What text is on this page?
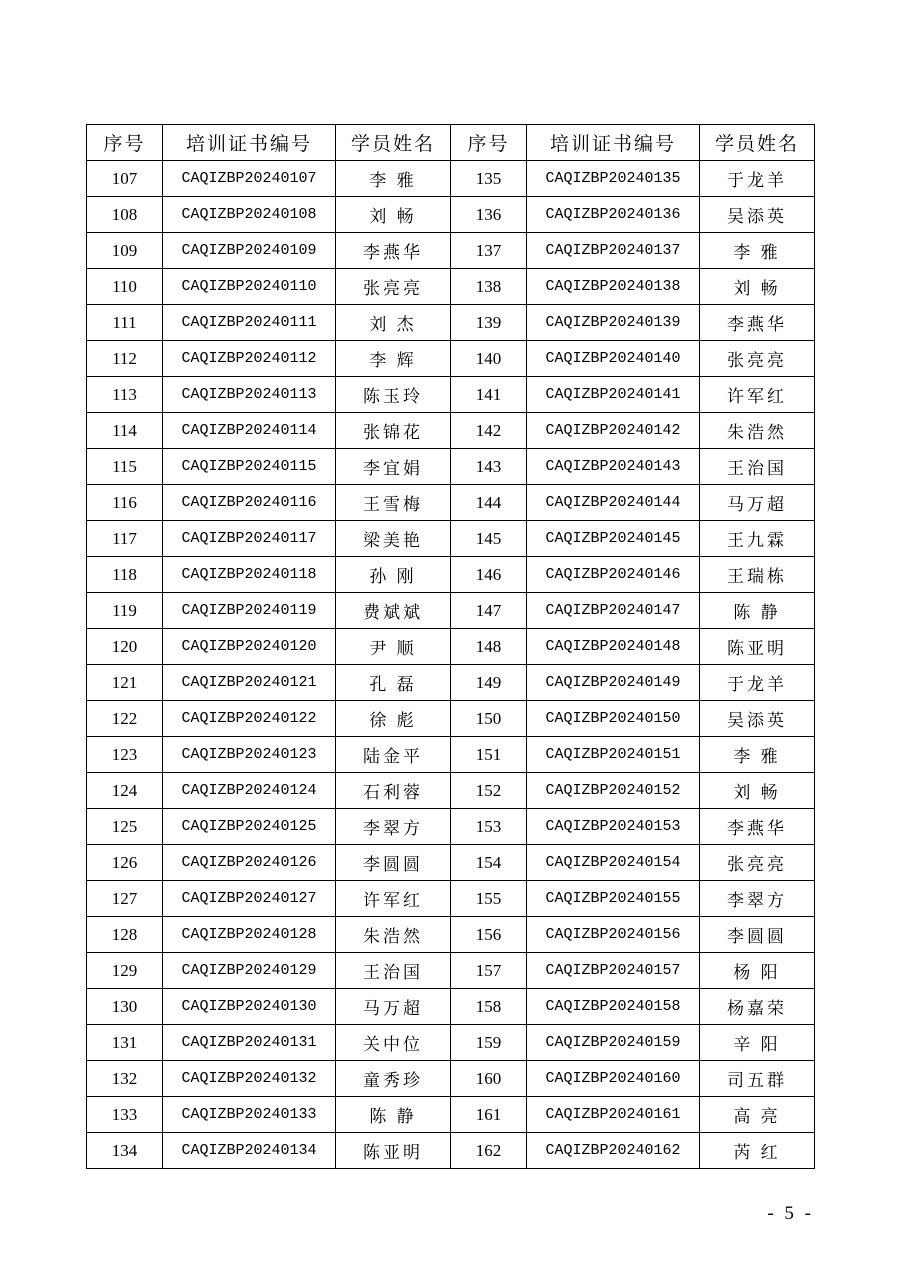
序号	培训证书编号	学员姓名	序号	培训证书编号	学员姓名
107	CAQIZBP20240107	李 雅	135	CAQIZBP20240135	于龙羊
108	CAQIZBP20240108	刘 畅	136	CAQIZBP20240136	吴添英
109	CAQIZBP20240109	李燕华	137	CAQIZBP20240137	李 雅
110	CAQIZBP20240110	张亮亮	138	CAQIZBP20240138	刘 畅
111	CAQIZBP20240111	刘 杰	139	CAQIZBP20240139	李燕华
112	CAQIZBP20240112	李 辉	140	CAQIZBP20240140	张亮亮
113	CAQIZBP20240113	陈玉玲	141	CAQIZBP20240141	许军红
114	CAQIZBP20240114	张锦花	142	CAQIZBP20240142	朱浩然
115	CAQIZBP20240115	李宜娟	143	CAQIZBP20240143	王治国
116	CAQIZBP20240116	王雪梅	144	CAQIZBP20240144	马万超
117	CAQIZBP20240117	梁美艳	145	CAQIZBP20240145	王九霖
118	CAQIZBP20240118	孙 刚	146	CAQIZBP20240146	王瑞栋
119	CAQIZBP20240119	费斌斌	147	CAQIZBP20240147	陈 静
120	CAQIZBP20240120	尹 顺	148	CAQIZBP20240148	陈亚明
121	CAQIZBP20240121	孔 磊	149	CAQIZBP20240149	于龙羊
122	CAQIZBP20240122	徐 彪	150	CAQIZBP20240150	吴添英
123	CAQIZBP20240123	陆金平	151	CAQIZBP20240151	李 雅
124	CAQIZBP20240124	石利蓉	152	CAQIZBP20240152	刘 畅
125	CAQIZBP20240125	李翠方	153	CAQIZBP20240153	李燕华
126	CAQIZBP20240126	李圆圆	154	CAQIZBP20240154	张亮亮
127	CAQIZBP20240127	许军红	155	CAQIZBP20240155	李翠方
128	CAQIZBP20240128	朱浩然	156	CAQIZBP20240156	李圆圆
129	CAQIZBP20240129	王治国	157	CAQIZBP20240157	杨 阳
130	CAQIZBP20240130	马万超	158	CAQIZBP20240158	杨嘉荣
131	CAQIZBP20240131	关中位	159	CAQIZBP20240159	辛 阳
132	CAQIZBP20240132	童秀珍	160	CAQIZBP20240160	司五群
133	CAQIZBP20240133	陈 静	161	CAQIZBP20240161	高 亮
134	CAQIZBP20240134	陈亚明	162	CAQIZBP20240162	芮 红
- 5 -
